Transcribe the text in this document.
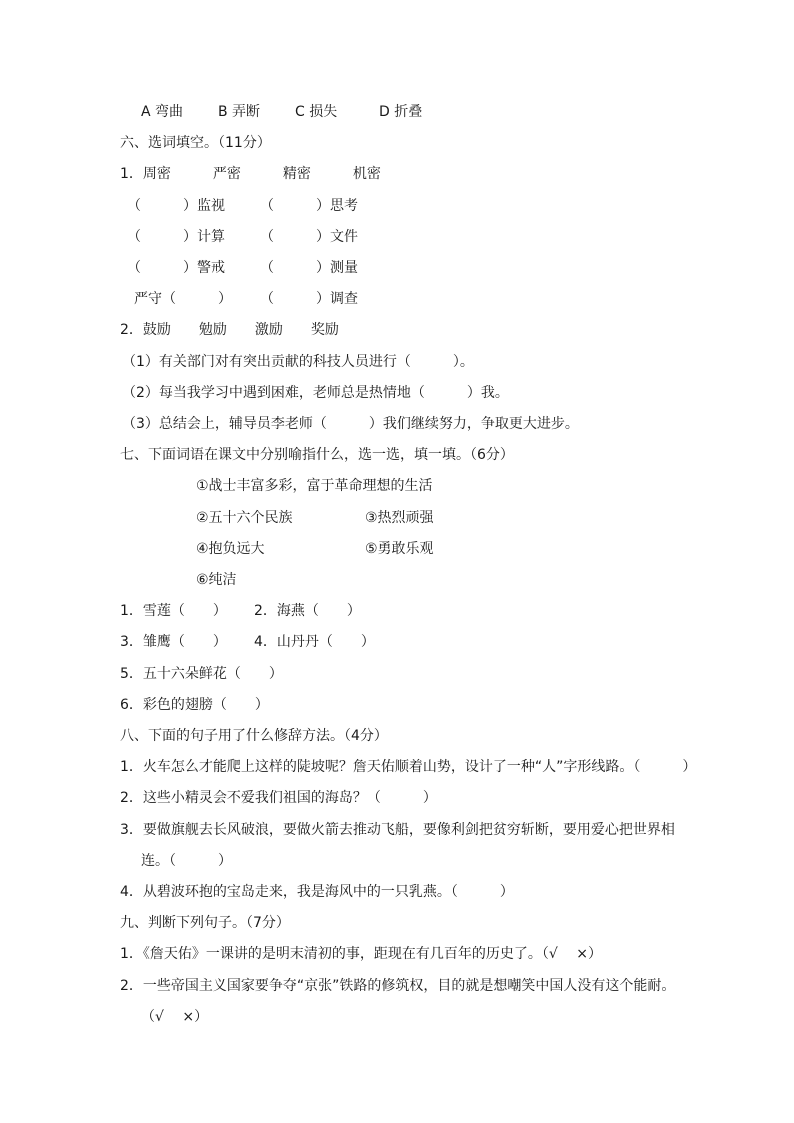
A 弯曲 B 弄断 C 损失	D 折叠
六、选词填空。（11分）
1．周密　　　严密　　　精密　　　机密
（　　　）监视	（　　　）思考
（　　　）计算	（　　　）文件
（　　　）警戒	（　　　）测量
严守（　　　） （　　　）调查
2．鼓励　　勉励　　激励　　奖励
（1）有关部门对有突出贡献的科技人员进行（　　　）。
（2）每当我学习中遇到困难，老师总是热情地（　　　）我。
（3）总结会上，辅导员李老师（　　　）我们继续努力，争取更大进步。
七、下面词语在课文中分别喻指什么，选一选，填一填。（6分）
①战士丰富多彩，富于革命理想的生活
②五十六个民族	③热烈顽强
④抱负远大	⑤勇敢乐观
⑥纯洁
1．雪莲（　　） 2．海燕（　　）
3．雏鹰（　　） 4．山丹丹（　　）
5．五十六朵鲜花（　　）
6．彩色的翅膀（　　）
八、下面的句子用了什么修辞方法。（4分）
1．火车怎么才能爬上这样的陡坡呢？詹天佑顺着山势，设计了一种“人”字形线路。（　　　）
2．这些小精灵会不爱我们祖国的海岛？（　　　）
3．要做旗舰去长风破浪，要做火箭去推动飞船，要像利剑把贫穷斩断，要用爱心把世界相
连。（　　　）
4．从碧波环抱的宝岛走来，我是海风中的一只乳燕。（　　　）
九、判断下列句子。（7分）
1．《詹天佑》一课讲的是明末清初的事，距现在有几百年的历史了。（√　 ×）
2．一些帝国主义国家要争夺“京张”铁路的修筑权，目的就是想嘲笑中国人没有这个能耐。
（√　 ×）
